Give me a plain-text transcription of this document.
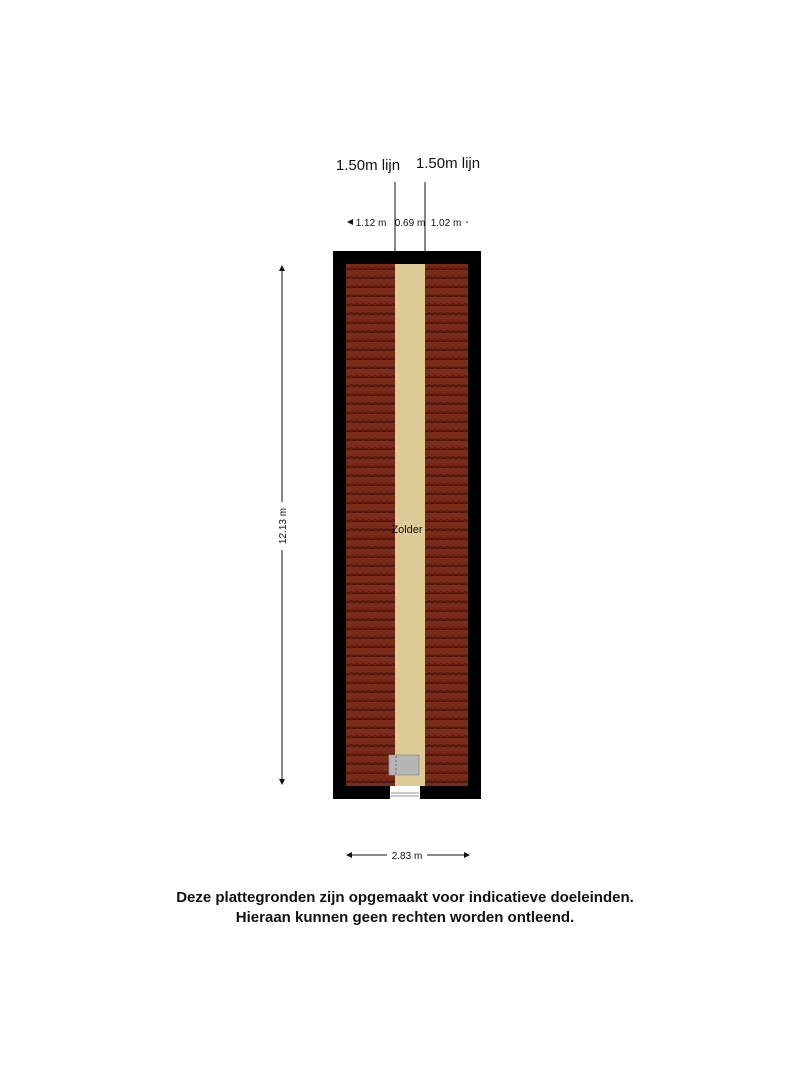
1.50m lijn 1.50m lijn
1.12 m 0.69 m 1.02 m
Zolder
12.13 m
2.83 m
Deze plattegronden zijn opgemaakt voor indicatieve doeleinden.
Hieraan kunnen geen rechten worden ontleend.
